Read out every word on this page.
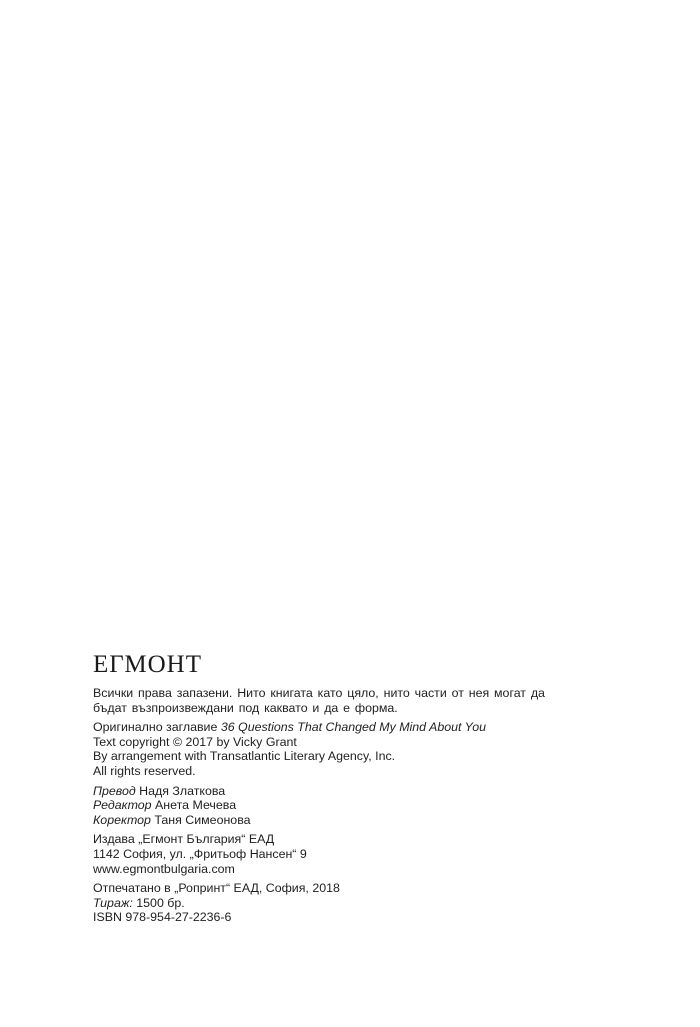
ЕГМОНТ
Всички права запазени. Нито книгата като цяло, нито части от нея могат да
бъдат възпроизвеждани под каквато и да е форма.
Оригинално заглавие 36 Questions That Changed My Mind About You
Text copyright © 2017 by Vicky Grant
By arrangement with Transatlantic Literary Agency, Inc.
All rights reserved.
Превод Надя Златкова
Редактор Анета Мечева
Коректор Таня Симеонова
Издава „Егмонт България“ ЕАД
1142 София, ул. „Фритьоф Нансен“ 9
www.egmontbulgaria.com
Отпечатано в „Ропринт“ ЕАД, София, 2018
Тираж: 1500 бр.
ISBN 978-954-27-2236-6
